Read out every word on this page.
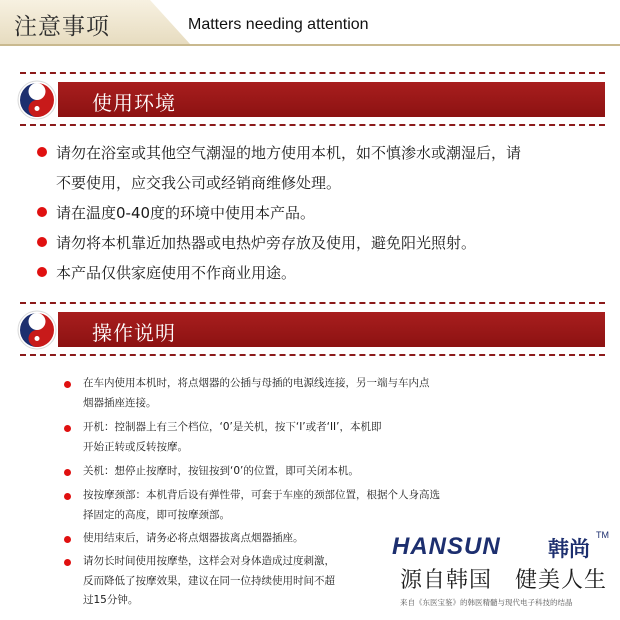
注意事项	Matters needing attention
使用环境
请勿在浴室或其他空气潮湿的地方使用本机，如不慎渗水或潮湿后，请
不要使用，应交我公司或经销商维修处理。
请在温度0-40度的环境中使用本产品。
请勿将本机靠近加热器或电热炉旁存放及使用，避免阳光照射。
本产品仅供家庭使用不作商业用途。
操作说明
在车内使用本机时，将点烟器的公插与母插的电源线连接，另一端与车内点
烟器插座连接。
开机：控制器上有三个档位，‘0’是关机，按下‘I’或者‘II’，本机即
开始正转或反转按摩。
关机：想停止按摩时，按钮按到‘0’的位置，即可关闭本机。
按按摩颈部：本机背后设有弹性带，可套于车座的颈部位置，根据个人身高选
择固定的高度，即可按摩颈部。
使用结束后，请务必将点烟器拔离点烟器插座。
请勿长时间使用按摩垫，这样会对身体造成过度刺激，
反而降低了按摩效果，建议在同一位持续使用时间不超
过15分钟。
HANSUN 韩尚
TM
源自韩国　健美人生
来自《东医宝鉴》的韩医精髓与现代电子科技的结晶
